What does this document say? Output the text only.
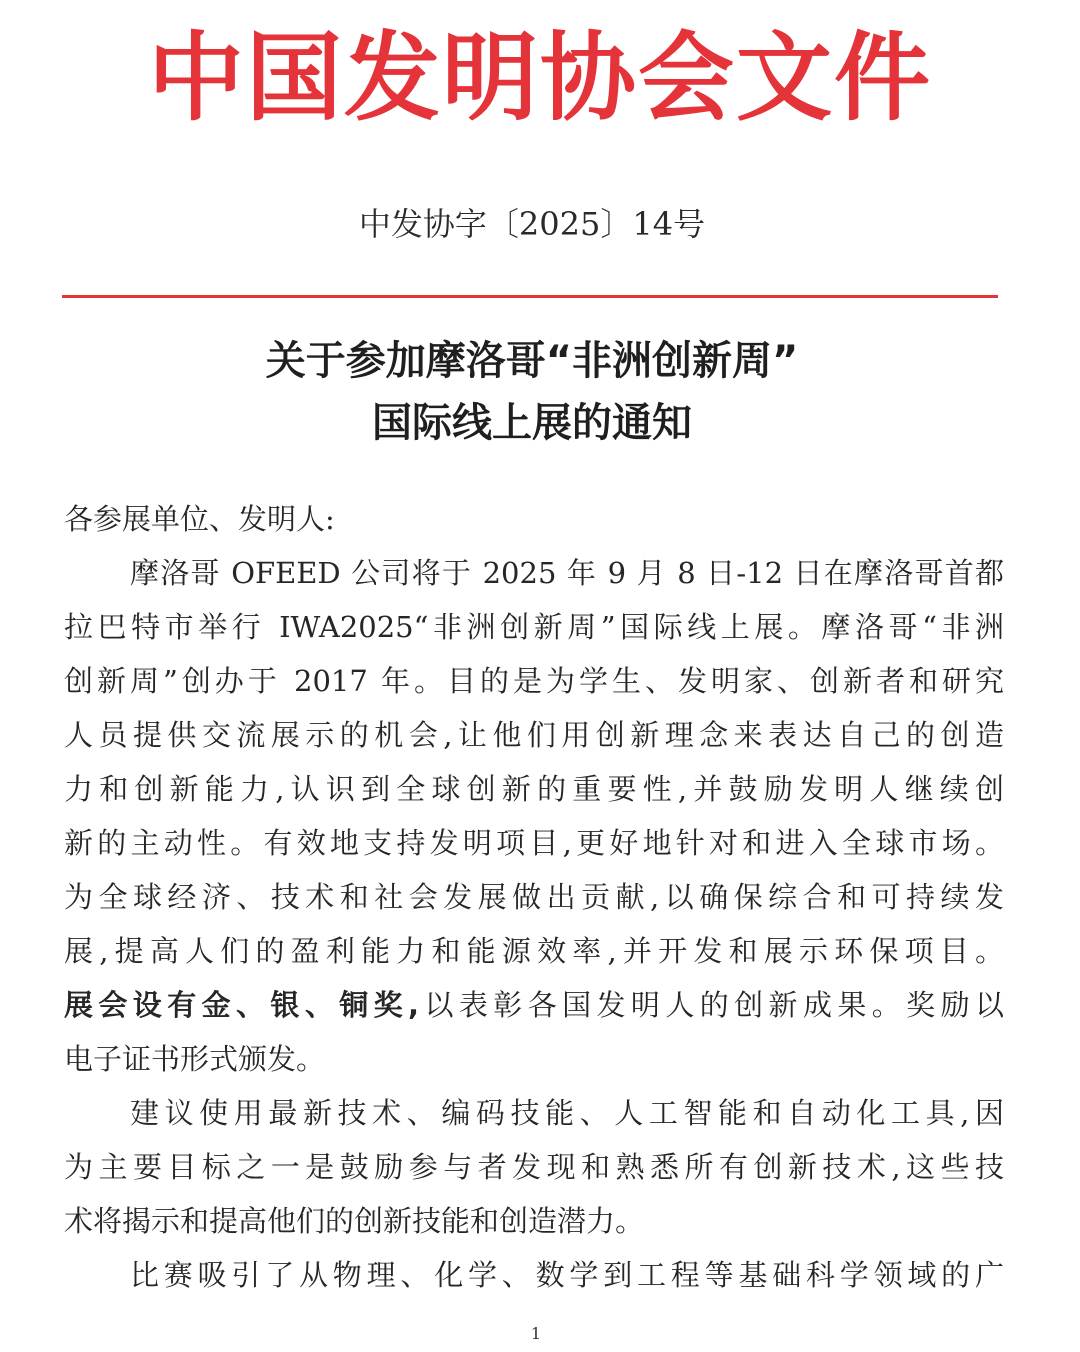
中国发明协会文件
中发协字〔2025〕14号
关于参加摩洛哥“非洲创新周”
国际线上展的通知
各参展单位、发明人:
摩洛哥 OFEED 公司将于 2025 年 9 月 8 日-12 日在摩洛哥首都
拉巴特市举行 IWA2025“非洲创新周”国际线上展。摩洛哥“非洲
创新周”创办于 2017 年。目的是为学生、发明家、创新者和研究
人员提供交流展示的机会,让他们用创新理念来表达自己的创造
力和创新能力,认识到全球创新的重要性,并鼓励发明人继续创
新的主动性。有效地支持发明项目,更好地针对和进入全球市场。
为全球经济、技术和社会发展做出贡献,以确保综合和可持续发
展,提高人们的盈利能力和能源效率,并开发和展示环保项目。
展会设有金、银、铜奖,以表彰各国发明人的创新成果。奖励以
电子证书形式颁发。
建议使用最新技术、编码技能、人工智能和自动化工具,因
为主要目标之一是鼓励参与者发现和熟悉所有创新技术,这些技
术将揭示和提高他们的创新技能和创造潜力。
比赛吸引了从物理、化学、数学到工程等基础科学领域的广
1
